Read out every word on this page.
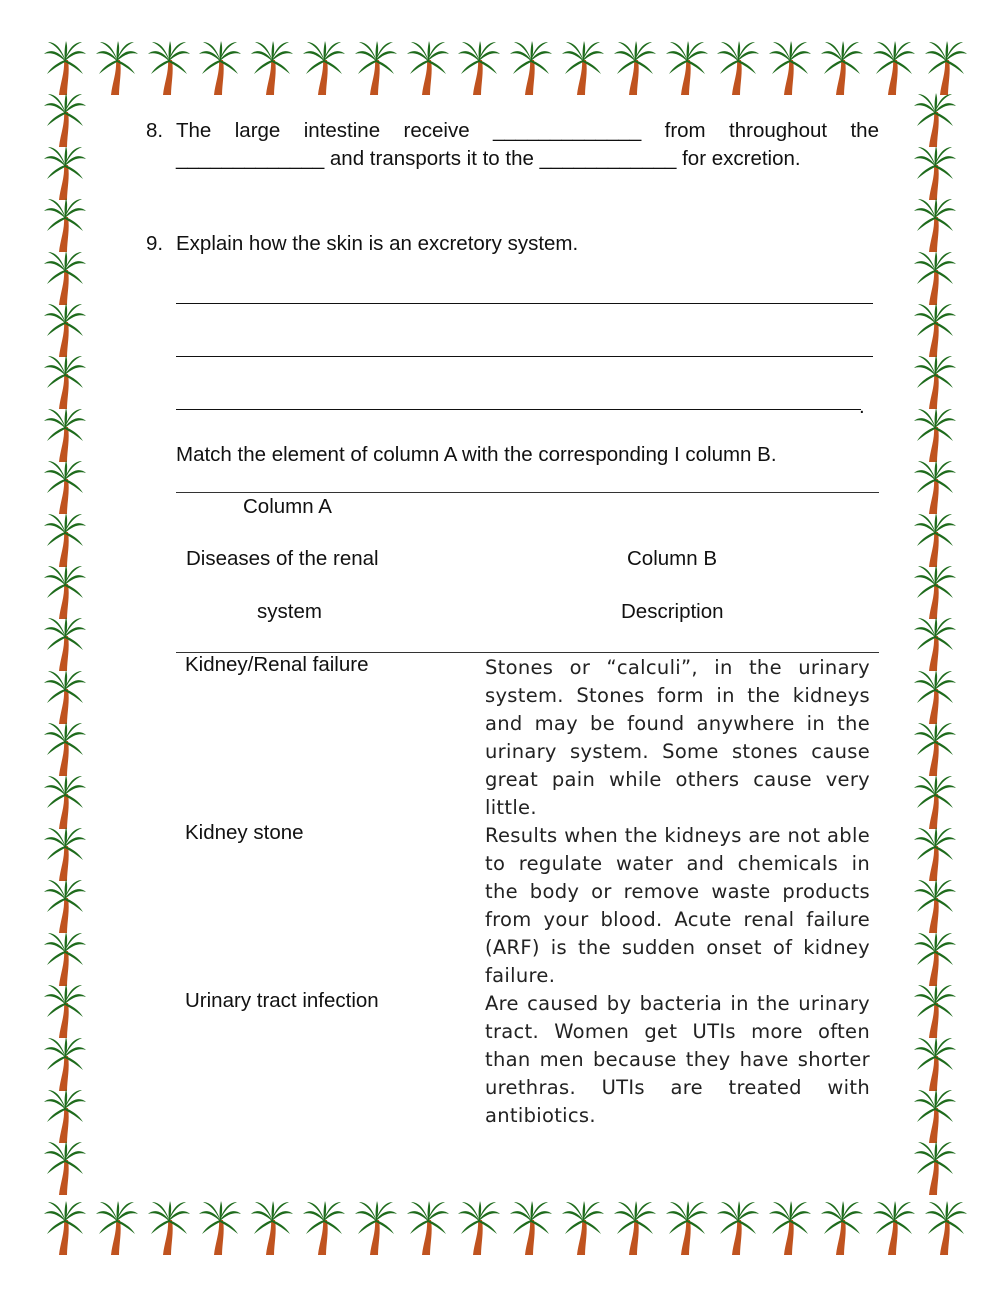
8. The large intestine receive _____________ from throughout the
_____________ and transports it to the ____________ for excretion.
9. Explain how the skin is an excretory system.
.
Match the element of column A with the corresponding I column B.
Column A
Diseases of the renal
system
Column B
Description
Kidney/Renal failure	Stones or “calculi”, in the urinary system. Stones form in the kidneys and may be found anywhere in the urinary system. Some stones cause great pain while others cause very little.
Kidney stone	Results when the kidneys are not able to regulate water and chemicals in the body or remove waste products from your blood. Acute renal failure (ARF) is the sudden onset of kidney failure.
Urinary tract infection	Are caused by bacteria in the urinary tract. Women get UTIs more often than men because they have shorter urethras. UTIs are treated with antibiotics.
